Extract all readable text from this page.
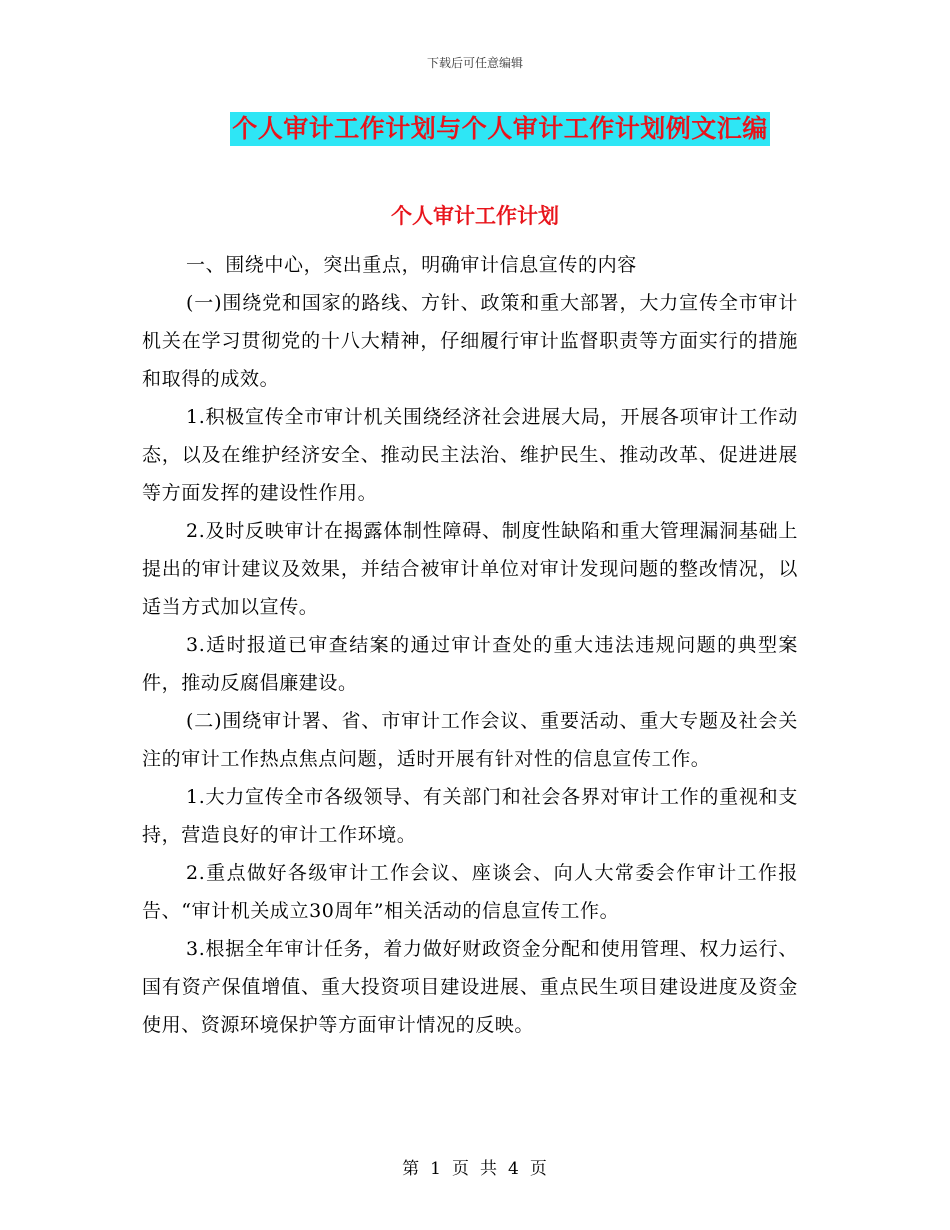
下载后可任意编辑
个人审计工作计划与个人审计工作计划例文汇编
个人审计工作计划

一、围绕中心，突出重点，明确审计信息宣传的内容

(一)围绕党和国家的路线、方针、政策和重大部署，大力宣传全市审计机关在学习贯彻党的十八大精神，仔细履行审计监督职责等方面实行的措施和取得的成效。

1.积极宣传全市审计机关围绕经济社会进展大局，开展各项审计工作动态，以及在维护经济安全、推动民主法治、维护民生、推动改革、促进进展等方面发挥的建设性作用。

2.及时反映审计在揭露体制性障碍、制度性缺陷和重大管理漏洞基础上提出的审计建议及效果，并结合被审计单位对审计发现问题的整改情况，以适当方式加以宣传。

3.适时报道已审查结案的通过审计查处的重大违法违规问题的典型案件，推动反腐倡廉建设。

(二)围绕审计署、省、市审计工作会议、重要活动、重大专题及社会关注的审计工作热点焦点问题，适时开展有针对性的信息宣传工作。

1.大力宣传全市各级领导、有关部门和社会各界对审计工作的重视和支持，营造良好的审计工作环境。

2.重点做好各级审计工作会议、座谈会、向人大常委会作审计工作报告、“审计机关成立30周年”相关活动的信息宣传工作。

3.根据全年审计任务，着力做好财政资金分配和使用管理、权力运行、国有资产保值增值、重大投资项目建设进展、重点民生项目建设进度及资金使用、资源环境保护等方面审计情况的反映。

第 1 页 共 4 页
